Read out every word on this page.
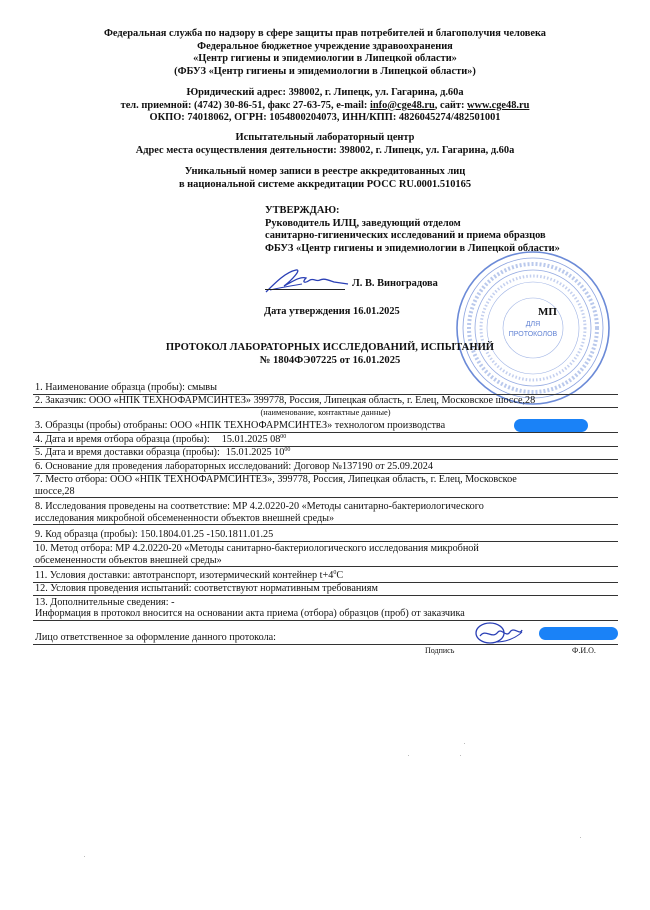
Федеральная служба по надзору в сфере защиты прав потребителей и благополучия человека
Федеральное бюджетное учреждение здравоохранения
«Центр гигиены и эпидемиологии в Липецкой области»
(ФБУЗ «Центр гигиены и эпидемиологии в Липецкой области»)
Юридический адрес: 398002, г. Липецк, ул. Гагарина, д.60а
тел. приемной: (4742) 30-86-51, факс 27-63-75, e-mail: info@cge48.ru, сайт: www.cge48.ru
ОКПО: 74018062, ОГРН: 1054800204073, ИНН/КПП: 4826045274/482501001
Испытательный лабораторный центр
Адрес места осуществления деятельности: 398002, г. Липецк, ул. Гагарина, д.60а
Уникальный номер записи в реестре аккредитованных лиц
в национальной системе аккредитации РОСС RU.0001.510165
УТВЕРЖДАЮ:
Руководитель ИЛЦ, заведующий отделом
санитарно-гигиенических исследований и приема образцов
ФБУЗ «Центр гигиены и эпидемиологии в Липецкой области»
Л. В. Виноградова
Дата утверждения 16.01.2025
ДЛЯ
ПРОТОКОЛОВ
МП
ПРОТОКОЛ ЛАБОРАТОРНЫХ ИССЛЕДОВАНИЙ, ИСПЫТАНИЙ
№ 1804ФЭ07225 от 16.01.2025
1. Наименование образца (пробы): смывы
2. Заказчик: ООО «НПК ТЕХНОФАРМСИНТЕЗ» 399778, Россия, Липецкая область, г. Елец, Московское шоссе,28
(наименование, контактные данные)
3. Образцы (пробы) отобраны: ООО «НПК ТЕХНОФАРМСИНТЕЗ» технологом производства
4. Дата и время отбора образца (пробы): 15.01.2025 $08^{00}$
5. Дата и время доставки образца (пробы): 15.01.2025 $10^{00}$
6. Основание для проведения лабораторных исследований: Договор №137190 от 25.09.2024
7. Место отбора: ООО «НПК ТЕХНОФАРМСИНТЕЗ», 399778, Россия, Липецкая область, г. Елец, Московское
шоссе,28
8. Исследования проведены на соответствие: МР 4.2.0220-20 «Методы санитарно-бактериологического
исследования микробной обсемененности объектов внешней среды»
9. Код образца (пробы): 150.1804.01.25 -150.1811.01.25
10. Метод отбора: МР 4.2.0220-20 «Методы санитарно-бактериологического исследования микробной
обсемененности объектов внешней среды»
11. Условия доставки: автотранспорт, изотермический контейнер $t+4^0С$
12. Условия проведения испытаний: соответствуют нормативным требованиям
13. Дополнительные сведения: -
Информация в протокол вносится на основании акта приема (отбора) образцов (проб) от заказчика
Лицо ответственное за оформление данного протокола:
Подпись	Ф.И.О.
